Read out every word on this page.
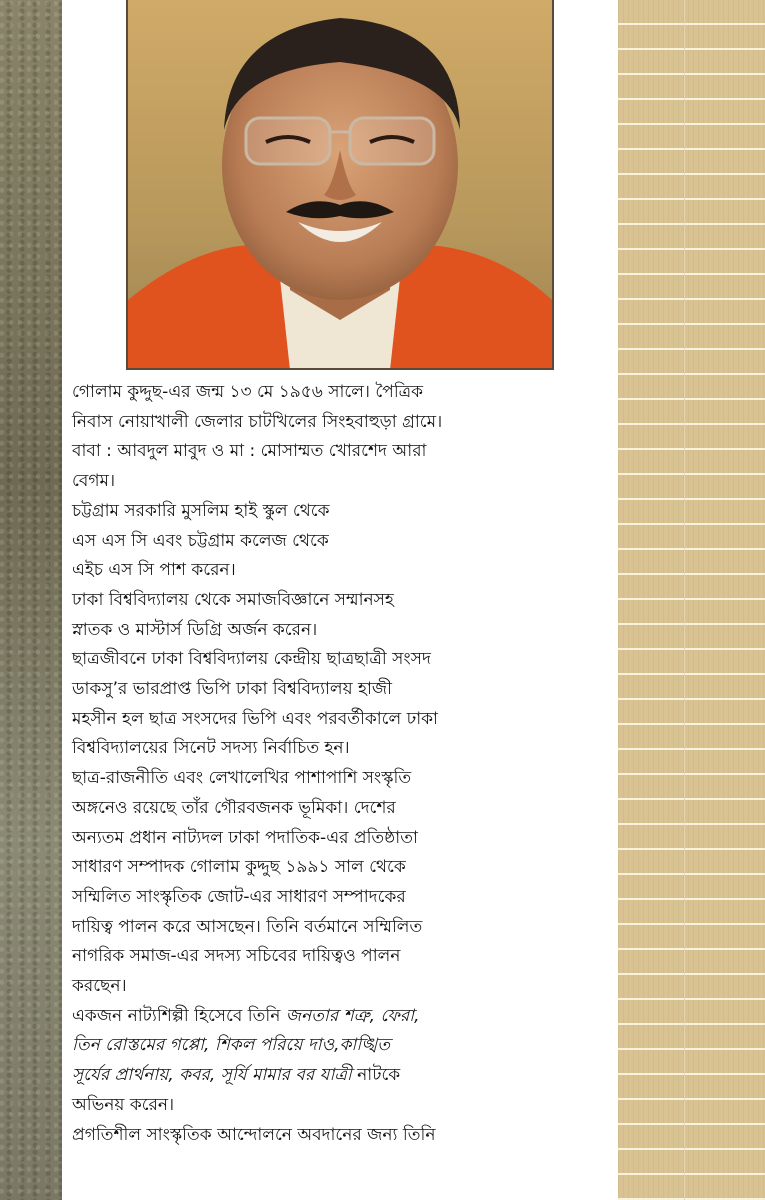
গোলাম কুদ্দুছ-এর জন্ম ১৩ মে ১৯৫৬ সালে। পৈত্রিক

নিবাস নোয়াখালী জেলার চাটখিলের সিংহবাহুড়া গ্রামে।

বাবা : আবদুল মাবুদ ও মা : মোসাম্মত খোরশেদ আরা

বেগম।

চট্টগ্রাম সরকারি মুসলিম হাই স্কুল থেকে

এস এস সি এবং চট্টগ্রাম কলেজ থেকে

এইচ এস সি পাশ করেন।

ঢাকা বিশ্ববিদ্যালয় থেকে সমাজবিজ্ঞানে সম্মানসহ

স্নাতক ও মাস্টার্স ডিগ্রি অর্জন করেন।

ছাত্রজীবনে ঢাকা বিশ্ববিদ্যালয় কেন্দ্রীয় ছাত্রছাত্রী সংসদ

ডাকসু’র ভারপ্রাপ্ত ভিপি ঢাকা বিশ্ববিদ্যালয় হাজী

মহসীন হল ছাত্র সংসদের ভিপি এবং পরবর্তীকালে ঢাকা

বিশ্ববিদ্যালয়ের সিনেট সদস্য নির্বাচিত হন।

ছাত্র-রাজনীতি এবং লেখালেখির পাশাপাশি সংস্কৃতি

অঙ্গনেও রয়েছে তাঁর গৌরবজনক ভূমিকা। দেশের

অন্যতম প্রধান নাট্যদল ঢাকা পদাতিক-এর প্রতিষ্ঠাতা

সাধারণ সম্পাদক গোলাম কুদ্দুছ ১৯৯১ সাল থেকে

সম্মিলিত সাংস্কৃতিক জোট-এর সাধারণ সম্পাদকের

দায়িত্ব পালন করে আসছেন। তিনি বর্তমানে সম্মিলিত

নাগরিক সমাজ-এর সদস্য সচিবের দায়িত্বও পালন

করছেন।

একজন নাট্যশিল্পী হিসেবে তিনি জনতার শত্রু, ফেরা,

তিন রোস্তমের গপ্পো, শিকল পরিয়ে দাও,কাঙ্খিত

সূর্যের প্রার্থনায়, কবর, সূর্যি মামার বর যাত্রী নাটকে

অভিনয় করেন।

প্রগতিশীল সাংস্কৃতিক আন্দোলনে অবদানের জন্য তিনি
